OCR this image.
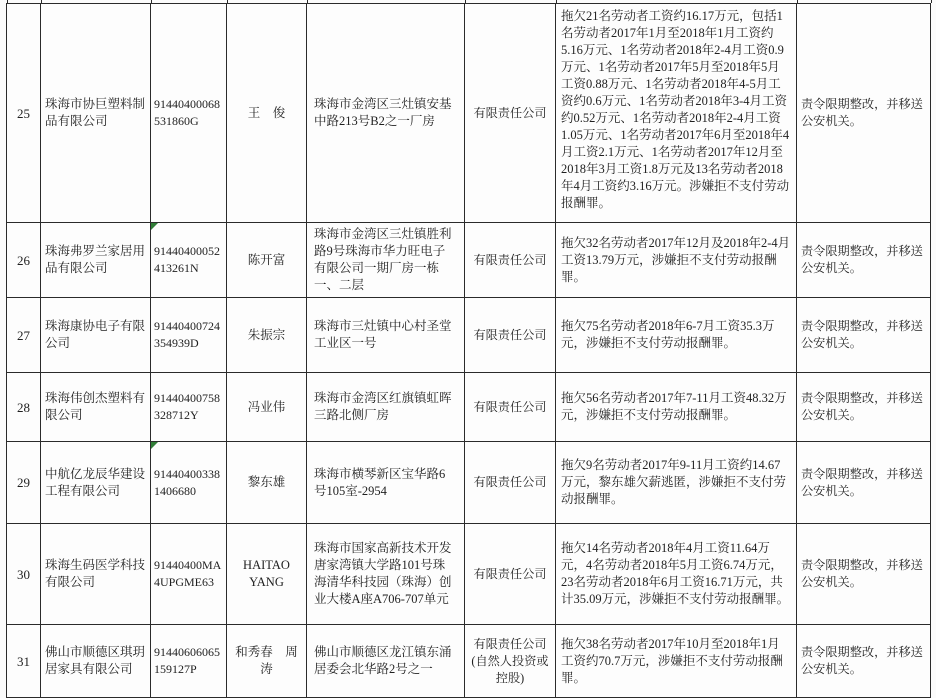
25	珠海市协巨塑料制品有限公司	91440400068531860G	王　俊	珠海市金湾区三灶镇安基中路213号B2之一厂房	有限责任公司	拖欠21名劳动者工资约16.17万元，包括1名劳动者2017年1月至2018年1月工资约5.16万元、1名劳动者2018年2-4月工资0.9万元、1名劳动者2017年5月至2018年5月工资0.88万元、1名劳动者2018年4-5月工资约0.6万元、1名劳动者2018年3-4月工资约0.52万元、1名劳动者2018年2-4月工资1.05万元、1名劳动者2017年6月至2018年4月工资2.1万元、1名劳动者2017年12月至2018年3月工资1.8万元及13名劳动者2018年4月工资约3.16万元。涉嫌拒不支付劳动报酬罪。	责令限期整改，并移送公安机关。
26	珠海弗罗兰家居用品有限公司	91440400052413261N	陈开富	珠海市金湾区三灶镇胜利路9号珠海市华力旺电子有限公司一期厂房一栋一、二层	有限责任公司	拖欠32名劳动者2017年12月及2018年2-4月工资13.79万元，涉嫌拒不支付劳动报酬罪。	责令限期整改，并移送公安机关。
27	珠海康协电子有限公司	91440400724354939D	朱振宗	珠海市三灶镇中心村圣堂工业区一号	有限责任公司	拖欠75名劳动者2018年6-7月工资35.3万元，涉嫌拒不支付劳动报酬罪。	责令限期整改，并移送公安机关。
28	珠海伟创杰塑料有限公司	91440400758328712Y	冯业伟	珠海市金湾区红旗镇虹晖三路北侧厂房	有限责任公司	拖欠56名劳动者2017年7-11月工资48.32万元，涉嫌拒不支付劳动报酬罪。	责令限期整改，并移送公安机关。
29	中航亿龙辰华建设工程有限公司	914404003381406680	黎东雄	珠海市横琴新区宝华路6号105室-2954	有限责任公司	拖欠9名劳动者2017年9-11月工资约14.67万元，黎东雄欠薪逃匿，涉嫌拒不支付劳动报酬罪。	责令限期整改，并移送公安机关。
30	珠海生码医学科技有限公司	91440400MA4UPGME63	HAITAO YANG	珠海市国家高新技术开发唐家湾镇大学路101号珠海清华科技园（珠海）创业大楼A座A706-707单元	有限责任公司	拖欠14名劳动者2018年4月工资11.64万元，4名劳动者2018年5月工资6.74万元，23名劳动者2018年6月工资16.71万元，共计35.09万元，涉嫌拒不支付劳动报酬罪。	责令限期整改，并移送公安机关。
31	佛山市顺德区琪玥居家具有限公司	91440606065159127P	和秀春　周涛	佛山市顺德区龙江镇东涌居委会北华路2号之一	有限责任公司(自然人投资或控股)	拖欠38名劳动者2017年10月至2018年1月工资约70.7万元，涉嫌拒不支付劳动报酬罪。	责令限期整改，并移送公安机关。
